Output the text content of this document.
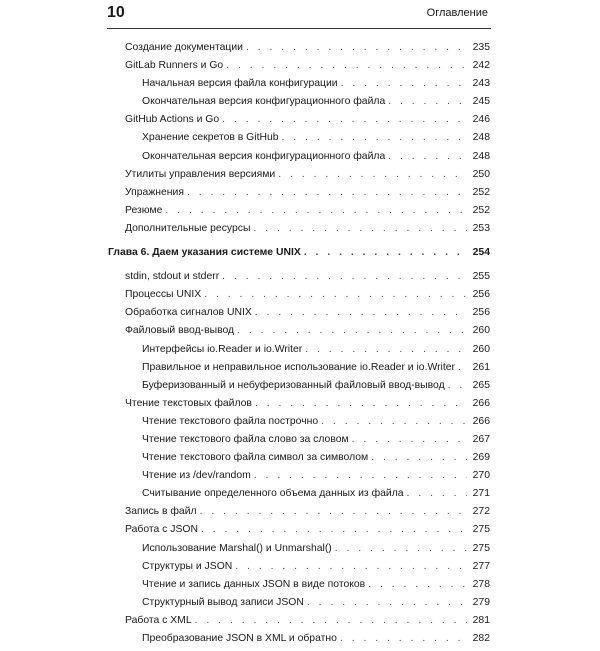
10	Оглавление
Создание документации . . .	235
GitLab Runners и Go . . .	242
Начальная версия файла конфигурации . . .	243
Окончательная версия конфигурационного файла . . .	245
GitHub Actions и Go . . .	246
Хранение секретов в GitHub . . .	248
Окончательная версия конфигурационного файла . . .	248
Утилиты управления версиями . . .	250
Упражнения . . .	252
Резюме . . .	252
Дополнительные ресурсы . . .	253
Глава 6. Даем указания системе UNIX . . .	254
stdin, stdout и stderr . . .	255
Процессы UNIX . . .	256
Обработка сигналов UNIX . . .	256
Файловый ввод-вывод . . .	260
Интерфейсы io.Reader и io.Writer . . .	260
Правильное и неправильное использование io.Reader и io.Writer . . . 261
Буферизованный и небуферизованный файловый ввод-вывод . . .	265
Чтение текстовых файлов . . .	266
Чтение текстового файла построчно . . .	266
Чтение текстового файла слово за словом . . .	267
Чтение текстового файла символ за символом . . .	269
Чтение из /dev/random . . .	270
Считывание определенного объема данных из файла . . .	271
Запись в файл . . .	272
Работа с JSON . . .	275
Использование Marshal() и Unmarshal() . . .	275
Структуры и JSON . . .	277
Чтение и запись данных JSON в виде потоков . . .	278
Структурный вывод записи JSON . . .	279
Работа с XML . . .	281
Преобразование JSON в XML и обратно . . .	282
